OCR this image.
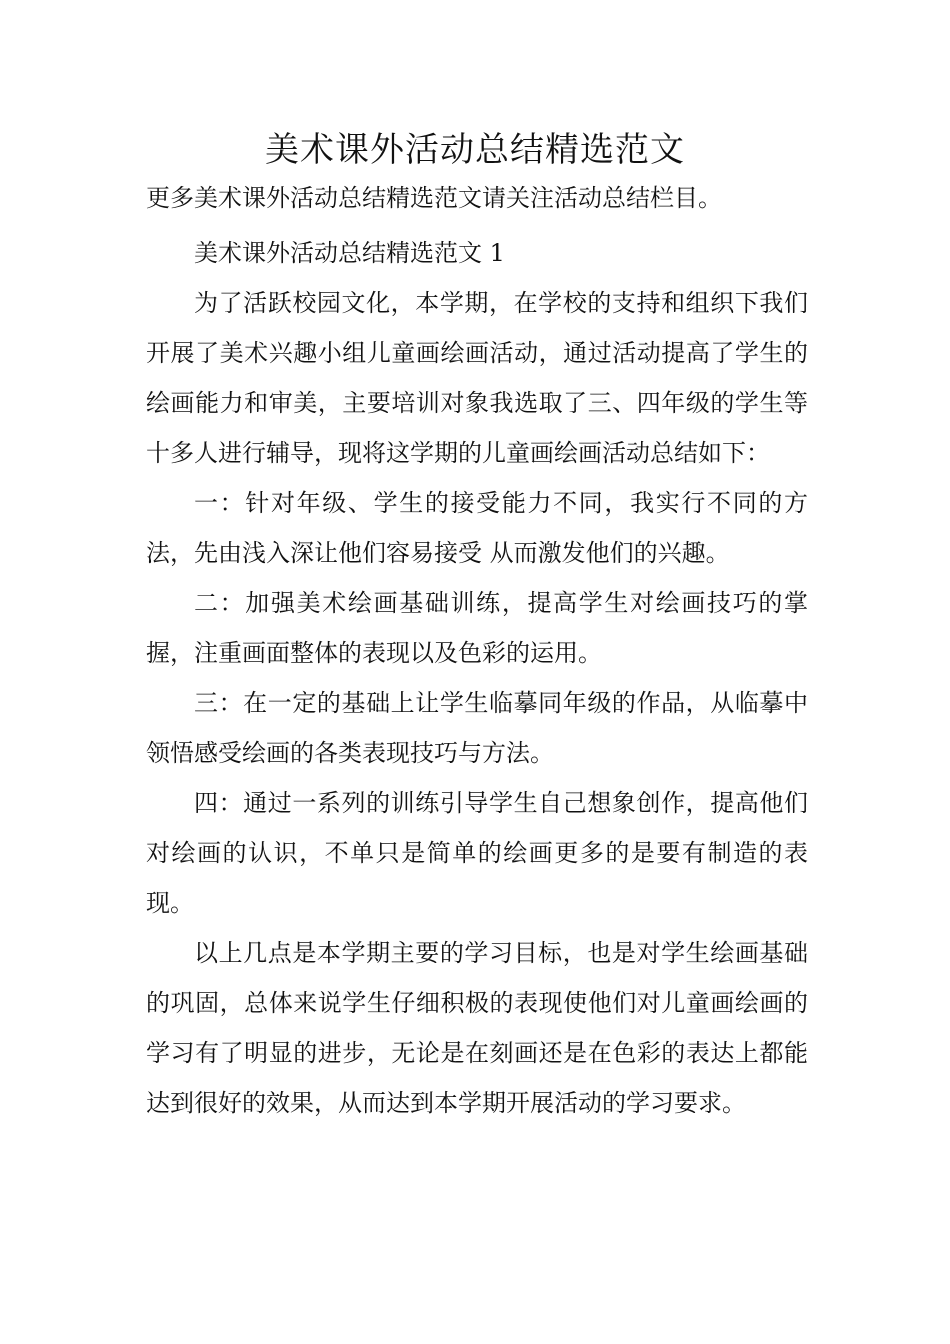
美术课外活动总结精选范文

更多美术课外活动总结精选范文请关注活动总结栏目。

美术课外活动总结精选范文 1

为了活跃校园文化，本学期，在学校的支持和组织下我们开展了美术兴趣小组儿童画绘画活动，通过活动提高了学生的绘画能力和审美，主要培训对象我选取了三、四年级的学生等十多人进行辅导，现将这学期的儿童画绘画活动总结如下：

一：针对年级、学生的接受能力不同，我实行不同的方法，先由浅入深让他们容易接受 从而激发他们的兴趣。

二：加强美术绘画基础训练，提高学生对绘画技巧的掌握，注重画面整体的表现以及色彩的运用。

三：在一定的基础上让学生临摹同年级的作品，从临摹中领悟感受绘画的各类表现技巧与方法。

四：通过一系列的训练引导学生自己想象创作，提高他们对绘画的认识，不单只是简单的绘画更多的是要有制造的表现。

以上几点是本学期主要的学习目标，也是对学生绘画基础的巩固，总体来说学生仔细积极的表现使他们对儿童画绘画的学习有了明显的进步，无论是在刻画还是在色彩的表达上都能达到很好的效果，从而达到本学期开展活动的学习要求。
